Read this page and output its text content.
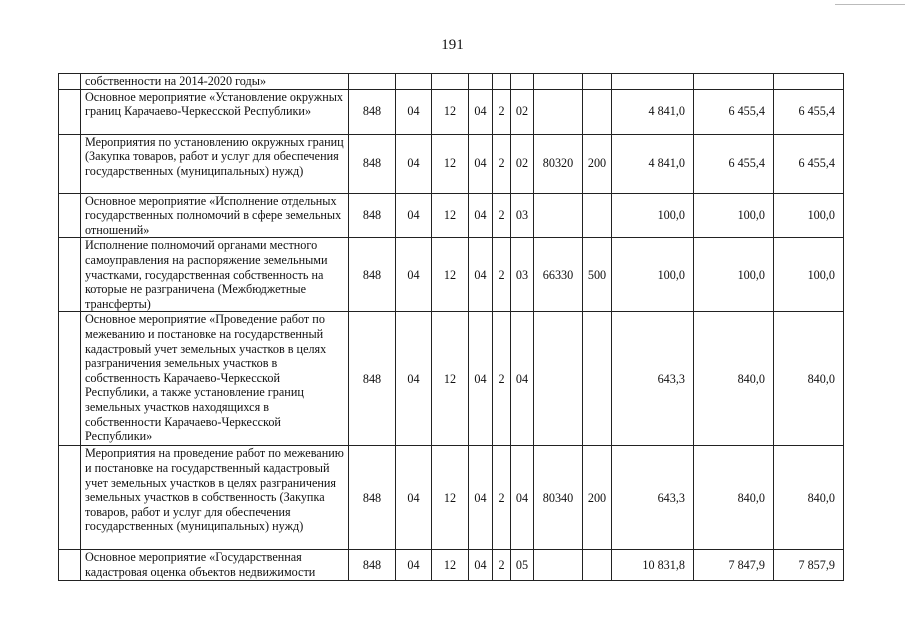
191
	собственности на 2014-2020 годы»											
	Основное мероприятие «Установление окружных границ Карачаево-Черкесской Республики»	848	04	12	04	2	02			4 841,0	6 455,4	6 455,4
	Мероприятия по установлению окружных границ (Закупка товаров, работ и услуг для обеспечения государственных (муниципальных) нужд)	848	04	12	04	2	02	80320	200	4 841,0	6 455,4	6 455,4
	Основное мероприятие «Исполнение отдельных государственных полномочий в сфере земельных отношений»	848	04	12	04	2	03			100,0	100,0	100,0
	Исполнение полномочий органами местного самоуправления на распоряжение земельными участками, государственная собственность на которые не разграничена (Межбюджетные трансферты)	848	04	12	04	2	03	66330	500	100,0	100,0	100,0
	Основное мероприятие «Проведение работ по межеванию и постановке на государственный кадастровый учет земельных участков в целях разграничения земельных участков в собственность Карачаево-Черкесской Республики, а также установление границ земельных участков находящихся в собственности Карачаево-Черкесской Республики»	848	04	12	04	2	04			643,3	840,0	840,0
	Мероприятия на проведение работ по межеванию и постановке на государственный кадастровый учет земельных участков в целях разграничения земельных участков в собственность (Закупка товаров, работ и услуг для обеспечения государственных (муниципальных) нужд)	848	04	12	04	2	04	80340	200	643,3	840,0	840,0
	Основное мероприятие «Государственная кадастровая оценка объектов недвижимости	848	04	12	04	2	05			10 831,8	7 847,9	7 857,9
